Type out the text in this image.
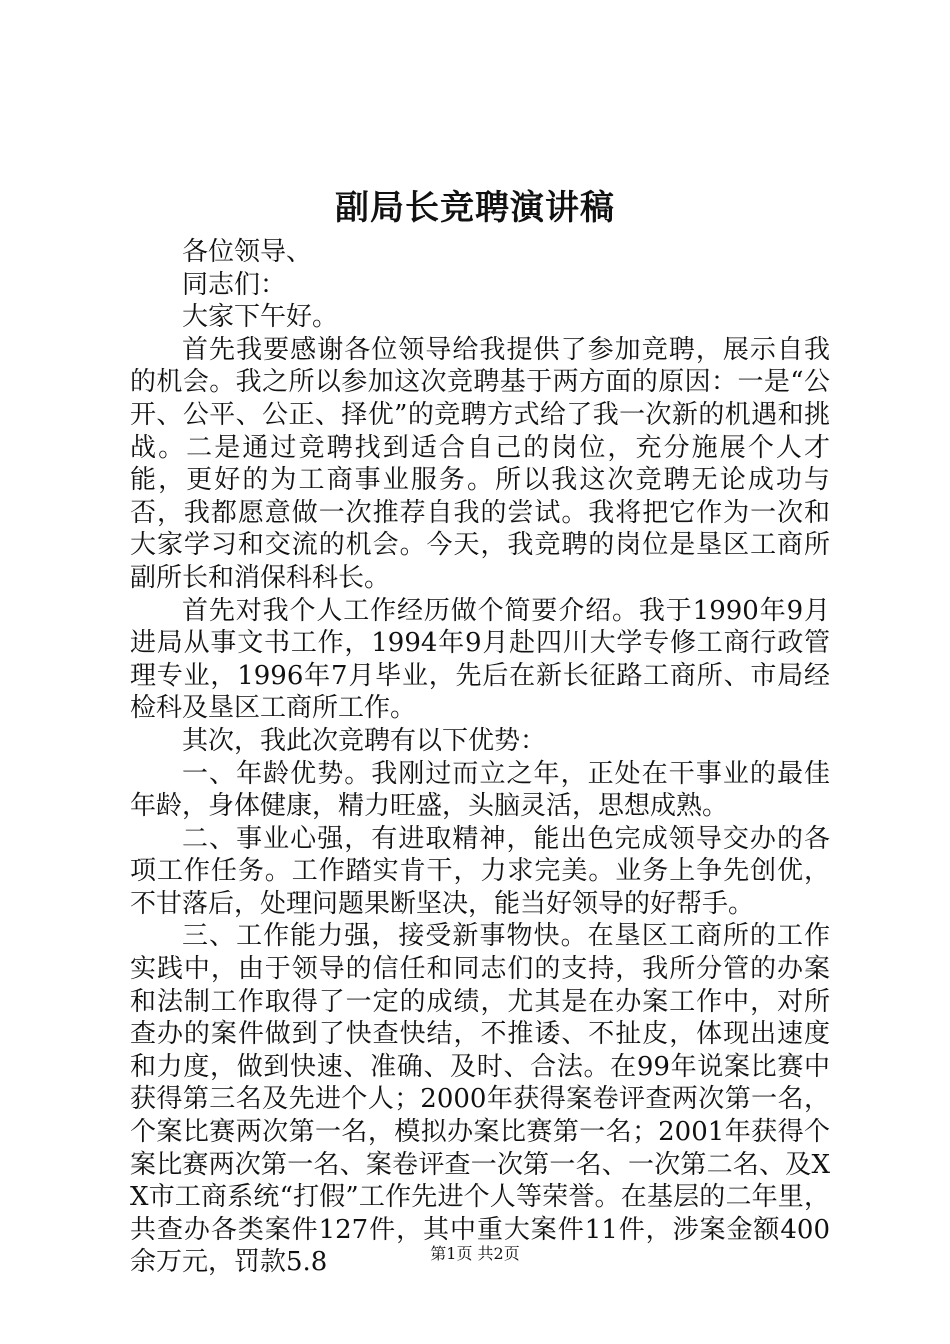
副局长竞聘演讲稿

各位领导、

同志们：

大家下午好。

首先我要感谢各位领导给我提供了参加竞聘，展示自我的机会。我之所以参加这次竞聘基于两方面的原因：一是“公开、公平、公正、择优”的竞聘方式给了我一次新的机遇和挑战。二是通过竞聘找到适合自己的岗位，充分施展个人才能，更好的为工商事业服务。所以我这次竞聘无论成功与否，我都愿意做一次推荐自我的尝试。我将把它作为一次和大家学习和交流的机会。今天，我竞聘的岗位是垦区工商所副所长和消保科科长。

首先对我个人工作经历做个简要介绍。我于1990年9月进局从事文书工作，1994年9月赴四川大学专修工商行政管理专业，1996年7月毕业，先后在新长征路工商所、市局经检科及垦区工商所工作。

其次，我此次竞聘有以下优势：

一、年龄优势。我刚过而立之年，正处在干事业的最佳年龄，身体健康，精力旺盛，头脑灵活，思想成熟。

二、事业心强，有进取精神，能出色完成领导交办的各项工作任务。工作踏实肯干，力求完美。业务上争先创优，不甘落后，处理问题果断坚决，能当好领导的好帮手。

三、工作能力强，接受新事物快。在垦区工商所的工作实践中，由于领导的信任和同志们的支持，我所分管的办案和法制工作取得了一定的成绩，尤其是在办案工作中，对所查办的案件做到了快查快结，不推诿、不扯皮，体现出速度和力度，做到快速、准确、及时、合法。在99年说案比赛中获得第三名及先进个人；2000年获得案卷评查两次第一名，个案比赛两次第一名，模拟办案比赛第一名；2001年获得个案比赛两次第一名、案卷评查一次第一名、一次第二名、及XX市工商系统“打假”工作先进个人等荣誉。在基层的二年里，共查办各类案件127件，其中重大案件11件，涉案金额400余万元，罚款5.8	第1页 共2页
